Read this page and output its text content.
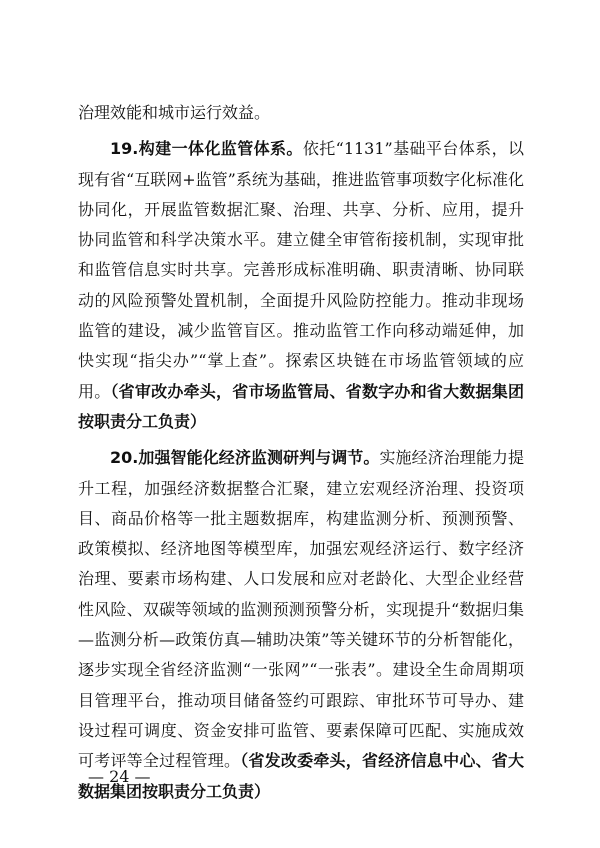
治理效能和城市运行效益。

19.构建一体化监管体系。依托“1131”基础平台体系，以现有省“互联网+监管”系统为基础，推进监管事项数字化标准化协同化，开展监管数据汇聚、治理、共享、分析、应用，提升协同监管和科学决策水平。建立健全审管衔接机制，实现审批和监管信息实时共享。完善形成标准明确、职责清晰、协同联动的风险预警处置机制，全面提升风险防控能力。推动非现场监管的建设，减少监管盲区。推动监管工作向移动端延伸，加快实现“指尖办”“掌上查”。探索区块链在市场监管领域的应用。（省审改办牵头，省市场监管局、省数字办和省大数据集团按职责分工负责）

20.加强智能化经济监测研判与调节。实施经济治理能力提升工程，加强经济数据整合汇聚，建立宏观经济治理、投资项目、商品价格等一批主题数据库，构建监测分析、预测预警、政策模拟、经济地图等模型库，加强宏观经济运行、数字经济治理、要素市场构建、人口发展和应对老龄化、大型企业经营性风险、双碳等领域的监测预测预警分析，实现提升“数据归集—监测分析—政策仿真—辅助决策”等关键环节的分析智能化，逐步实现全省经济监测“一张网”“一张表”。建设全生命周期项目管理平台，推动项目储备签约可跟踪、审批环节可导办、建设过程可调度、资金安排可监管、要素保障可匹配、实施成效可考评等全过程管理。（省发改委牵头，省经济信息中心、省大数据集团按职责分工负责）

— 24 —
